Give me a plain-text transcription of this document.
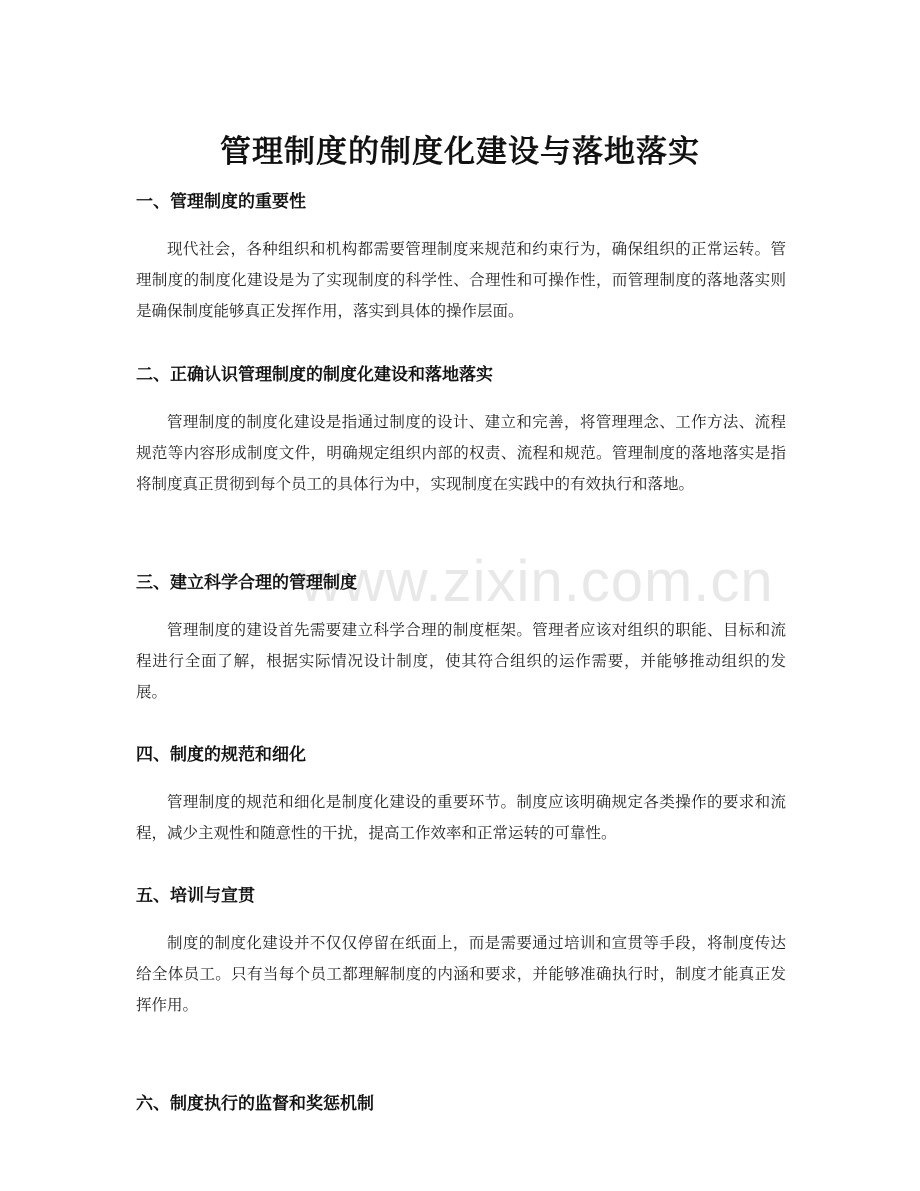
管理制度的制度化建设与落地落实
www.zixin.com.cn
一、管理制度的重要性

现代社会，各种组织和机构都需要管理制度来规范和约束行为，确保组织的正常运转。管理制度的制度化建设是为了实现制度的科学性、合理性和可操作性，而管理制度的落地落实则是确保制度能够真正发挥作用，落实到具体的操作层面。

二、正确认识管理制度的制度化建设和落地落实

管理制度的制度化建设是指通过制度的设计、建立和完善，将管理理念、工作方法、流程规范等内容形成制度文件，明确规定组织内部的权责、流程和规范。管理制度的落地落实是指将制度真正贯彻到每个员工的具体行为中，实现制度在实践中的有效执行和落地。

三、建立科学合理的管理制度

管理制度的建设首先需要建立科学合理的制度框架。管理者应该对组织的职能、目标和流程进行全面了解，根据实际情况设计制度，使其符合组织的运作需要，并能够推动组织的发展。

四、制度的规范和细化

管理制度的规范和细化是制度化建设的重要环节。制度应该明确规定各类操作的要求和流程，减少主观性和随意性的干扰，提高工作效率和正常运转的可靠性。

五、培训与宣贯

制度的制度化建设并不仅仅停留在纸面上，而是需要通过培训和宣贯等手段，将制度传达给全体员工。只有当每个员工都理解制度的内涵和要求，并能够准确执行时，制度才能真正发挥作用。

六、制度执行的监督和奖惩机制
